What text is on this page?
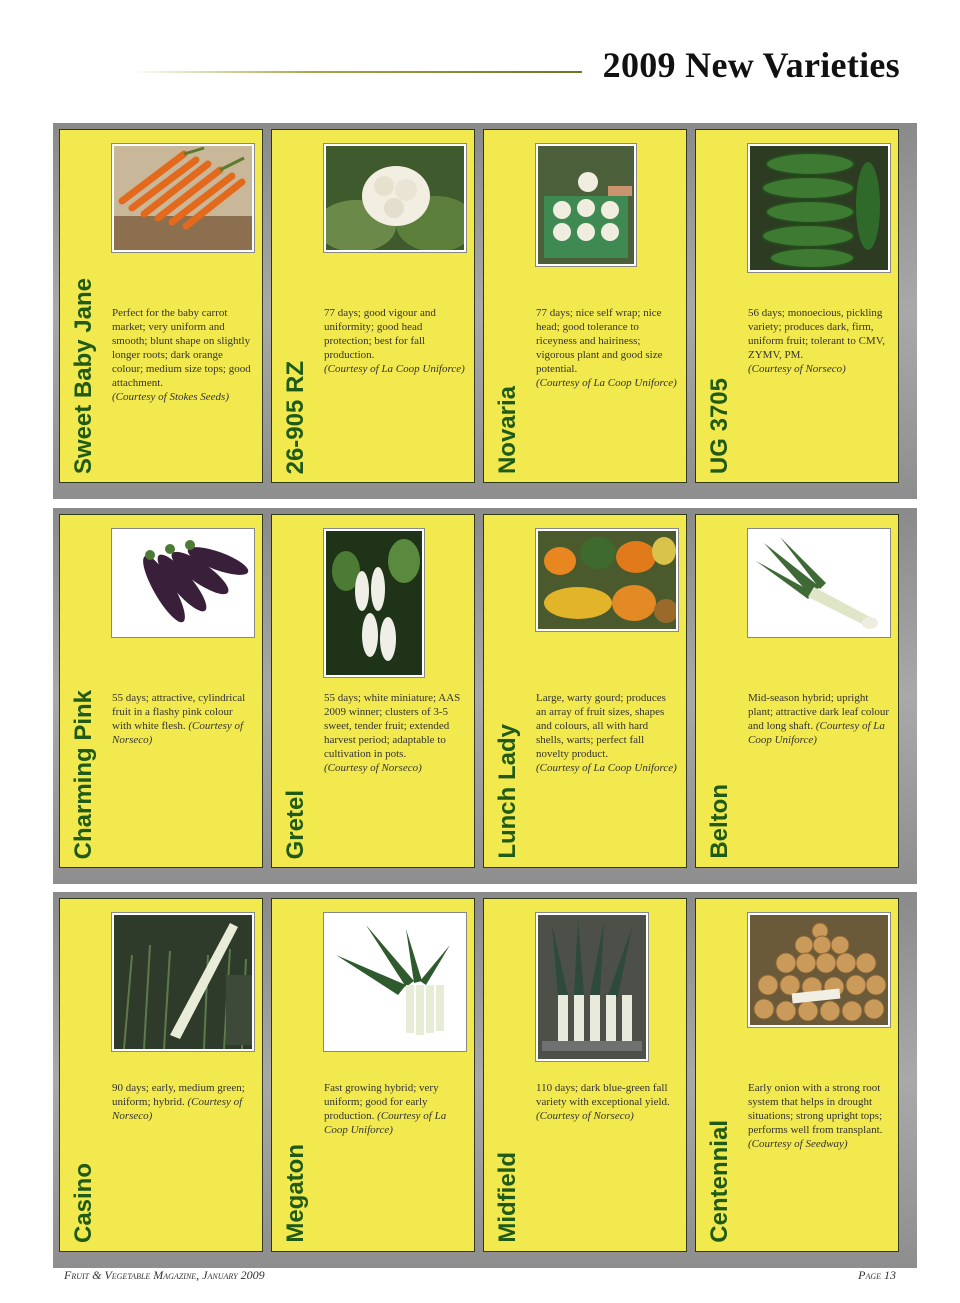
2009 New Varieties
Sweet Baby Jane Perfect for the baby carrot market; very uniform and smooth; blunt shape on slightly longer roots; dark orange colour; medium size tops; good attachment.
(Courtesy of Stokes Seeds)	26-905 RZ
77 days; good vigour and uniformity; good head protection; best for fall production.
(Courtesy of La Coop Uniforce)
Novaria
77 days; nice self wrap; nice head; good tolerance to riceyness and hairiness; vigorous plant and good size potential.
(Courtesy of La Coop Uniforce) UG 3705
56 days; monoecious, pickling variety; produces dark, firm, uniform fruit; tolerant to CMV, ZYMV, PM.
(Courtesy of Norseco)
Charming Pink 55 days; attractive, cylindrical fruit in a flashy pink colour with white flesh. (Courtesy of Norseco)
Gretel
55 days; white miniature; AAS 2009 winner; clusters of 3-5 sweet, tender fruit; extended harvest period; adaptable to cultivation in pots.
(Courtesy of Norseco)	Lunch Lady
Large, warty gourd; produces an array of fruit sizes, shapes and colours, all with hard shells, warts; perfect fall novelty product.
(Courtesy of La Coop Uniforce)
Belton
Mid-season hybrid; upright plant; attractive dark leaf colour and long shaft. (Courtesy of La Coop Uniforce)
Casino
90 days; early, medium green; uniform; hybrid. (Courtesy of Norseco)
Megaton
Fast growing hybrid; very uniform; good for early production. (Courtesy of La Coop Uniforce)
Midfield
110 days; dark blue-green fall variety with exceptional yield.
(Courtesy of Norseco)
Centennial
Early onion with a strong root system that helps in drought situations; strong upright tops; performs well from transplant.
(Courtesy of Seedway)
Fruit & Vegetable Magazine, January 2009	Page 13
